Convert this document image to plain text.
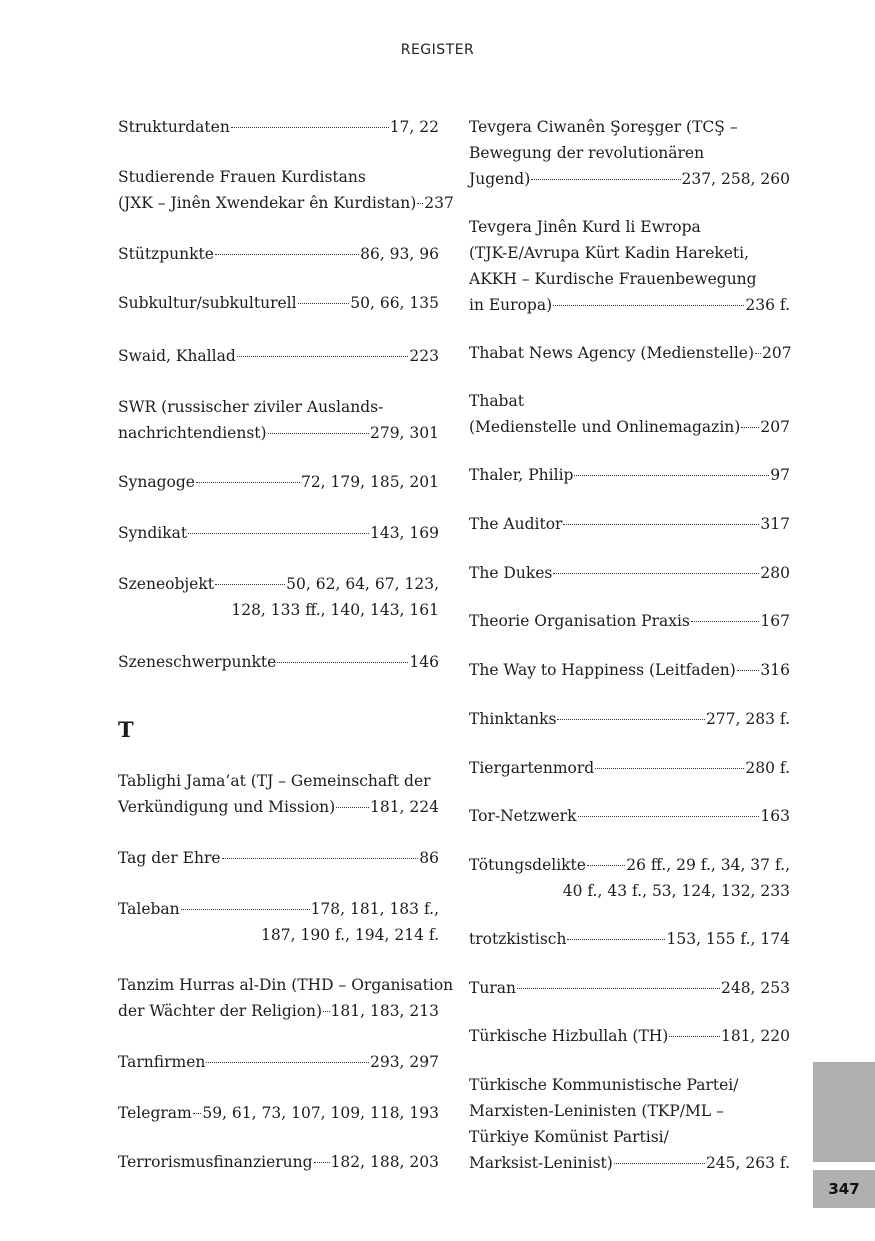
REGISTER
Strukturdaten	17, 22
Studierende Frauen Kurdistans
(JXK – Jinên Xwendekar ên Kurdistan) 237
Stützpunkte	86, 93, 96
Subkultur/subkulturell	50, 66, 135
Swaid, Khallad	223
SWR (russischer ziviler Auslands-
nachrichtendienst)	279, 301
Synagoge	72, 179, 185, 201
Syndikat	143, 169
Szeneobjekt	50, 62, 64, 67, 123,
128, 133 ff., 140, 143, 161
Szeneschwerpunkte	146
T
Tablighi Jama’at (TJ – Gemeinschaft der
Verkündigung und Mission) 181, 224
Tag der Ehre	86
Taleban	178, 181, 183 f.,
187, 190 f., 194, 214 f.
Tanzim Hurras al-Din (THD – Organisation
der Wächter der Religion) 181, 183, 213
Tarnfirmen	293, 297
Telegram 59, 61, 73, 107, 109, 118, 193
Terrorismusfinanzierung 182, 188, 203
Tevgera Ciwanên Şoreşger (TCŞ –
Bewegung der revolutionären
Jugend)	237, 258, 260
Tevgera Jinên Kurd li Ewropa
(TJK-E/Avrupa Kürt Kadin Hareketi,
AKKH – Kurdische Frauenbewegung
in Europa)	236 f.
Thabat News Agency (Medienstelle) 207
Thabat
(Medienstelle und Onlinemagazin) 207
Thaler, Philip	97
The Auditor	317
The Dukes	280
Theorie Organisation Praxis	167
The Way to Happiness (Leitfaden) 316
Thinktanks	277, 283 f.
Tiergartenmord	280 f.
Tor-Netzwerk	163
Tötungsdelikte	26 ff., 29 f., 34, 37 f.,
40 f., 43 f., 53, 124, 132, 233
trotzkistisch	153, 155 f., 174
Turan	248, 253
Türkische Hizbullah (TH)	181, 220
Türkische Kommunistische Partei/
Marxisten-Leninisten (TKP/ML –
Türkiye Komünist Partisi/
Marksist-Leninist)	245, 263 f.
347
